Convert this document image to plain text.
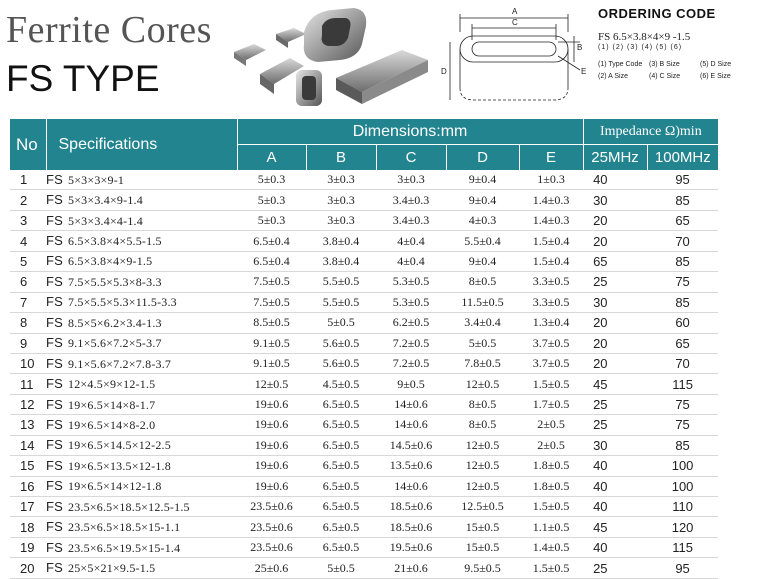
Ferrite Cores
FS TYPE
A
C
B
D	E
ORDERING CODE
FS 6.5×3.8×4×9 -1.5
(1) (2) (3) (4) (5) (6)
(1) Type Code (3) B Size	(5) D Size
(2) A Size	(4) C Size	(6) E Size
No	Specifications	Dimensions:mm					Impedance Ω)min	
		A	B	C	D	E	25MHz	100MHz
1	FS 5×3×3×9-1	5±0.3	3±0.3	3±0.3	9±0.4	1±0.3	40	95
2	FS 5×3×3.4×9-1.4	5±0.3	3±0.3	3.4±0.3	9±0.4	1.4±0.3	30	85
3	FS 5×3×3.4×4-1.4	5±0.3	3±0.3	3.4±0.3	4±0.3	1.4±0.3	20	65
4	FS 6.5×3.8×4×5.5-1.5	6.5±0.4	3.8±0.4	4±0.4	5.5±0.4	1.5±0.4	20	70
5	FS 6.5×3.8×4×9-1.5	6.5±0.4	3.8±0.4	4±0.4	9±0.4	1.5±0.4	65	85
6	FS 7.5×5.5×5.3×8-3.3	7.5±0.5	5.5±0.5	5.3±0.5	8±0.5	3.3±0.5	25	75
7	FS 7.5×5.5×5.3×11.5-3.3	7.5±0.5	5.5±0.5	5.3±0.5	11.5±0.5	3.3±0.5	30	85
8	FS 8.5×5×6.2×3.4-1.3	8.5±0.5	5±0.5	6.2±0.5	3.4±0.4	1.3±0.4	20	60
9	FS 9.1×5.6×7.2×5-3.7	9.1±0.5	5.6±0.5	7.2±0.5	5±0.5	3.7±0.5	20	65
10	FS 9.1×5.6×7.2×7.8-3.7	9.1±0.5	5.6±0.5	7.2±0.5	7.8±0.5	3.7±0.5	20	70
11	FS 12×4.5×9×12-1.5	12±0.5	4.5±0.5	9±0.5	12±0.5	1.5±0.5	45	115
12	FS 19×6.5×14×8-1.7	19±0.6	6.5±0.5	14±0.6	8±0.5	1.7±0.5	25	75
13	FS 19×6.5×14×8-2.0	19±0.6	6.5±0.5	14±0.6	8±0.5	2±0.5	25	75
14	FS 19×6.5×14.5×12-2.5	19±0.6	6.5±0.5	14.5±0.6	12±0.5	2±0.5	30	85
15	FS 19×6.5×13.5×12-1.8	19±0.6	6.5±0.5	13.5±0.6	12±0.5	1.8±0.5	40	100
16	FS 19×6.5×14×12-1.8	19±0.6	6.5±0.5	14±0.6	12±0.5	1.8±0.5	40	100
17	FS 23.5×6.5×18.5×12.5-1.5	23.5±0.6	6.5±0.5	18.5±0.6	12.5±0.5	1.5±0.5	40	110
18	FS 23.5×6.5×18.5×15-1.1	23.5±0.6	6.5±0.5	18.5±0.6	15±0.5	1.1±0.5	45	120
19	FS 23.5×6.5×19.5×15-1.4	23.5±0.6	6.5±0.5	19.5±0.6	15±0.5	1.4±0.5	40	115
20	FS 25×5×21×9.5-1.5	25±0.6	5±0.5	21±0.6	9.5±0.5	1.5±0.5	25	95
